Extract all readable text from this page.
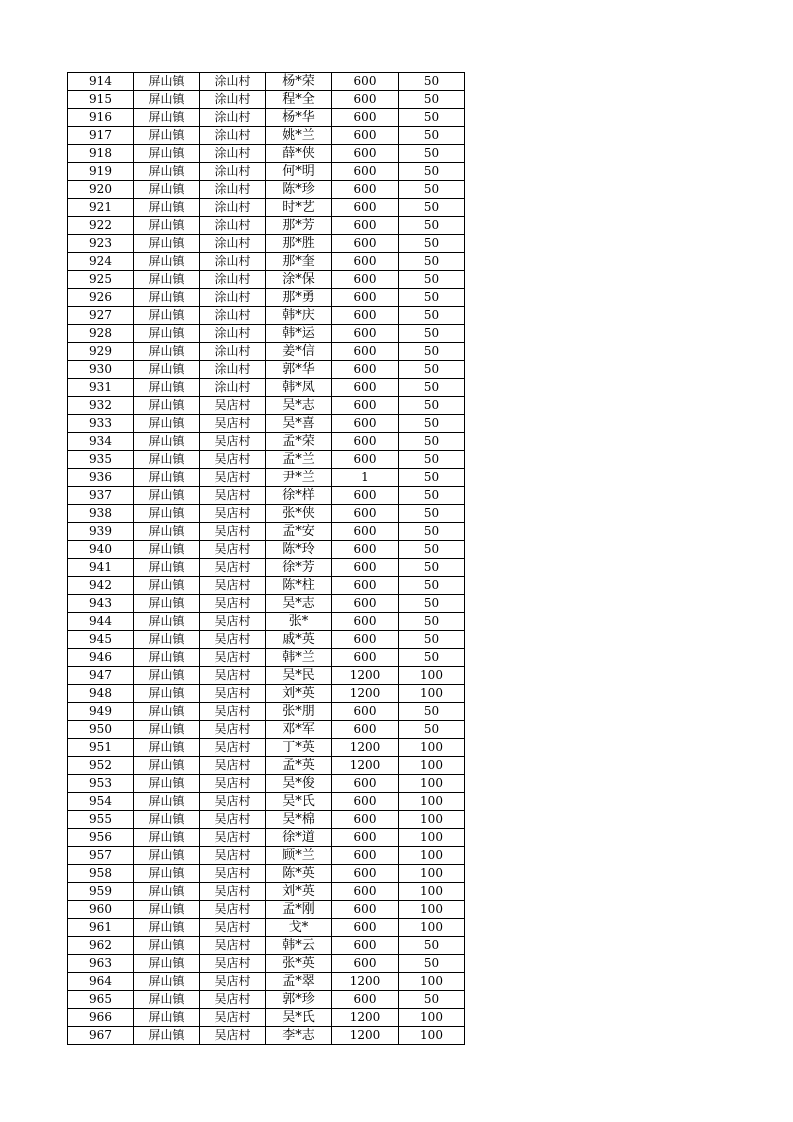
914	屏山镇	涂山村	杨*荣	600	50
915	屏山镇	涂山村	程*全	600	50
916	屏山镇	涂山村	杨*华	600	50
917	屏山镇	涂山村	姚*兰	600	50
918	屏山镇	涂山村	薛*侠	600	50
919	屏山镇	涂山村	何*明	600	50
920	屏山镇	涂山村	陈*珍	600	50
921	屏山镇	涂山村	时*艺	600	50
922	屏山镇	涂山村	那*芳	600	50
923	屏山镇	涂山村	那*胜	600	50
924	屏山镇	涂山村	那*奎	600	50
925	屏山镇	涂山村	涂*保	600	50
926	屏山镇	涂山村	那*勇	600	50
927	屏山镇	涂山村	韩*庆	600	50
928	屏山镇	涂山村	韩*运	600	50
929	屏山镇	涂山村	姜*信	600	50
930	屏山镇	涂山村	郭*华	600	50
931	屏山镇	涂山村	韩*凤	600	50
932	屏山镇	吴店村	吴*志	600	50
933	屏山镇	吴店村	吴*喜	600	50
934	屏山镇	吴店村	孟*荣	600	50
935	屏山镇	吴店村	孟*兰	600	50
936	屏山镇	吴店村	尹*兰	1	50
937	屏山镇	吴店村	徐*样	600	50
938	屏山镇	吴店村	张*侠	600	50
939	屏山镇	吴店村	孟*安	600	50
940	屏山镇	吴店村	陈*玲	600	50
941	屏山镇	吴店村	徐*芳	600	50
942	屏山镇	吴店村	陈*柱	600	50
943	屏山镇	吴店村	吴*志	600	50
944	屏山镇	吴店村	张*	600	50
945	屏山镇	吴店村	戚*英	600	50
946	屏山镇	吴店村	韩*兰	600	50
947	屏山镇	吴店村	吴*民	1200	100
948	屏山镇	吴店村	刘*英	1200	100
949	屏山镇	吴店村	张*朋	600	50
950	屏山镇	吴店村	邓*军	600	50
951	屏山镇	吴店村	丁*英	1200	100
952	屏山镇	吴店村	孟*英	1200	100
953	屏山镇	吴店村	吴*俊	600	100
954	屏山镇	吴店村	吴*氏	600	100
955	屏山镇	吴店村	吴*棉	600	100
956	屏山镇	吴店村	徐*道	600	100
957	屏山镇	吴店村	顾*兰	600	100
958	屏山镇	吴店村	陈*英	600	100
959	屏山镇	吴店村	刘*英	600	100
960	屏山镇	吴店村	孟*刚	600	100
961	屏山镇	吴店村	戈*	600	100
962	屏山镇	吴店村	韩*云	600	50
963	屏山镇	吴店村	张*英	600	50
964	屏山镇	吴店村	孟*翠	1200	100
965	屏山镇	吴店村	郭*珍	600	50
966	屏山镇	吴店村	吴*氏	1200	100
967	屏山镇	吴店村	李*志	1200	100
